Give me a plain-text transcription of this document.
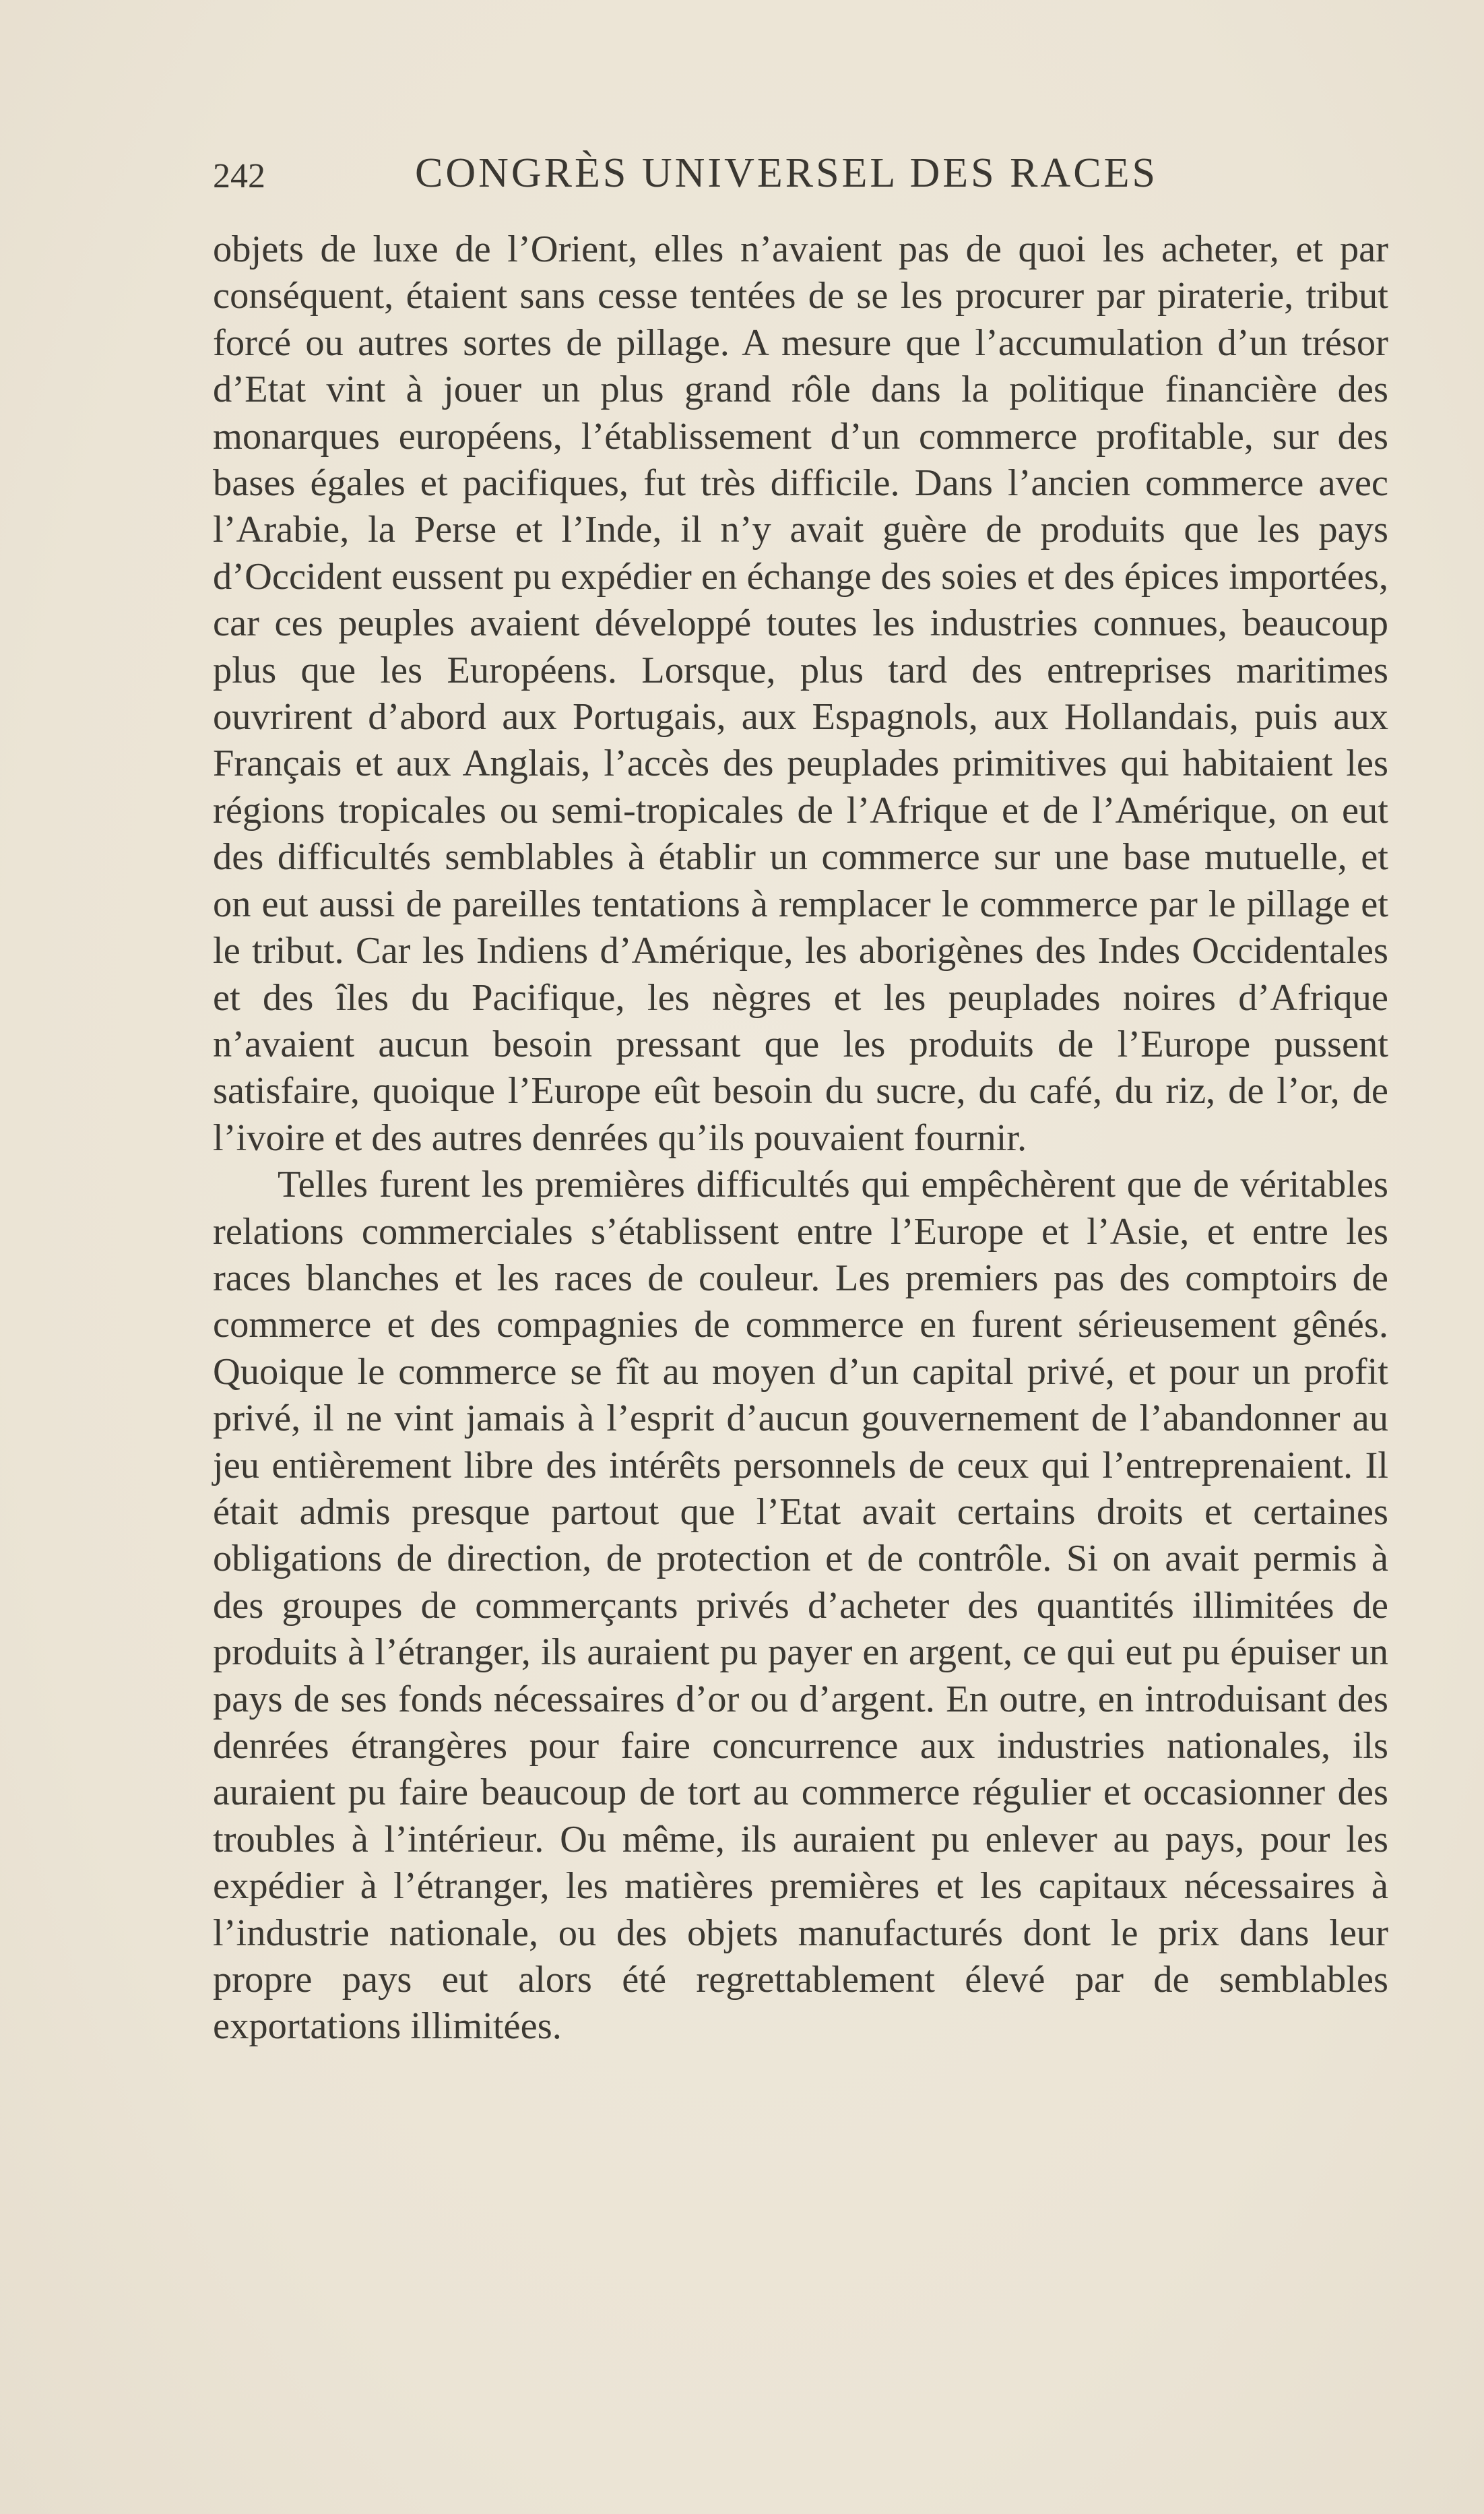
242	CONGRÈS UNIVERSEL DES RACES

objets de luxe de l’Orient, elles n’avaient pas de quoi les acheter, et par conséquent, étaient sans cesse tentées de se les procurer par piraterie, tribut forcé ou autres sortes de pillage. A mesure que l’accumulation d’un trésor d’Etat vint à jouer un plus grand rôle dans la politique financière des monarques européens, l’établissement d’un commerce profitable, sur des bases égales et pacifiques, fut très difficile. Dans l’ancien commerce avec l’Arabie, la Perse et l’Inde, il n’y avait guère de produits que les pays d’Occident eussent pu expédier en échange des soies et des épices importées, car ces peuples avaient développé toutes les industries connues, beaucoup plus que les Européens. Lorsque, plus tard des entreprises maritimes ouvrirent d’abord aux Portugais, aux Espagnols, aux Hollandais, puis aux Français et aux Anglais, l’accès des peuplades primitives qui habitaient les régions tropicales ou semi-tropicales de l’Afrique et de l’Amérique, on eut des difficultés semblables à établir un commerce sur une base mutuelle, et on eut aussi de pareilles tentations à remplacer le commerce par le pillage et le tribut. Car les Indiens d’Amérique, les aborigènes des Indes Occidentales et des îles du Pacifique, les nègres et les peuplades noires d’Afrique n’avaient aucun besoin pressant que les produits de l’Europe pussent satisfaire, quoique l’Europe eût besoin du sucre, du café, du riz, de l’or, de l’ivoire et des autres denrées qu’ils pouvaient fournir.

Telles furent les premières difficultés qui empêchèrent que de véritables relations commerciales s’établissent entre l’Europe et l’Asie, et entre les races blanches et les races de couleur. Les premiers pas des comptoirs de commerce et des compagnies de commerce en furent sérieusement gênés. Quoique le commerce se fît au moyen d’un capital privé, et pour un profit privé, il ne vint jamais à l’esprit d’aucun gouvernement de l’abandonner au jeu entièrement libre des intérêts personnels de ceux qui l’entreprenaient. Il était admis presque partout que l’Etat avait certains droits et certaines obligations de direction, de protection et de contrôle. Si on avait permis à des groupes de commerçants privés d’acheter des quantités illimitées de produits à l’étranger, ils auraient pu payer en argent, ce qui eut pu épuiser un pays de ses fonds nécessaires d’or ou d’argent. En outre, en introduisant des denrées étrangères pour faire concurrence aux industries nationales, ils auraient pu faire beaucoup de tort au commerce régulier et occasionner des troubles à l’intérieur. Ou même, ils auraient pu enlever au pays, pour les expédier à l’étranger, les matières premières et les capitaux nécessaires à l’industrie nationale, ou des objets manufacturés dont le prix dans leur propre pays eut alors été regrettablement élevé par de semblables exportations illimitées.
